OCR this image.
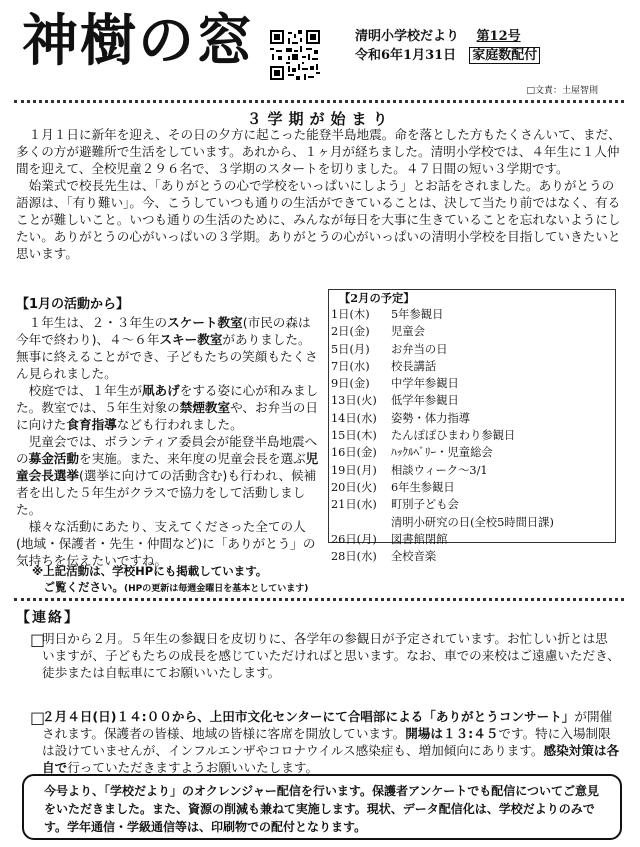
神樹の窓	清明小学校だより　 第12号
令和6年1月31日　 家庭数配付
□文責：土屋智則
３学期が始まり

　１月１日に新年を迎え、その日の夕方に起こった能登半島地震。命を落とした方もたくさんいて、まだ、多くの方が避難所で生活をしています。あれから、１ヶ月が経ちました。清明小学校では、４年生に１人仲間を迎えて、全校児童２９６名で、３学期のスタートを切りました。４７日間の短い３学期です。

　始業式で校長先生は、「ありがとうの心で学校をいっぱいにしよう」とお話をされました。ありがとうの語源は、「有り難い」。今、こうしていつも通りの生活ができていることは、決して当たり前ではなく、有ることが難しいこと。いつも通りの生活のために、みんなが毎日を大事に生きていることを忘れないようにしたい。ありがとうの心がいっぱいの３学期。ありがとうの心がいっぱいの清明小学校を目指していきたいと思います。

【1月の活動から】

　１年生は、２・３年生のスケート教室(市民の森は今年で終わり)、４～６年スキー教室がありました。無事に終えることができ、子どもたちの笑顔もたくさん見られました。

　校庭では、１年生が凧あげをする姿に心が和みました。教室では、５年生対象の禁煙教室や、お弁当の日に向けた食育指導なども行われました。

　児童会では、ボランティア委員会が能登半島地震への募金活動を実施。また、来年度の児童会長を選ぶ児童会長選挙(選挙に向けての活動含む)も行われ、候補者を出した５年生がクラスで協力をして活動しました。

　様々な活動にあたり、支えてくださった全ての人(地域・保護者・先生・仲間など)に「ありがとう」の気持ちを伝えたいですね。

【2月の予定】
1日(木)	5年参観日
2日(金)	児童会
5日(月)	お弁当の日
7日(水)	校長講話
9日(金)	中学年参観日
13日(火)	低学年参観日
14日(水)	姿勢・体力指導
15日(木)	たんぽぽひまわり参観日
16日(金)	ﾊｯｸﾙﾍﾞﾘｰ・児童総会
19日(月)	相談ウィーク～3/1
20日(火)	6年生参観日
21日(水)	町別子ども会
清明小研究の日(全校5時間日課)
26日(月)	図書館閉館
28日(水)	全校音楽
※上記活動は、学校HPにも掲載しています。
　ご覧ください。(HPの更新は毎週金曜日を基本としています)
【連絡】
□

明日から２月。５年生の参観日を皮切りに、各学年の参観日が予定されています。お忙しい折とは思いますが、子どもたちの成長を感じていただければと思います。なお、車での来校はご遠慮いただき、徒歩または自転車にてお願いいたします。

□

２月４日(日)１４:００から、上田市文化センターにて合唱部による「ありがとうコンサート」が開催されます。保護者の皆様、地域の皆様に客席を開放しています。開場は１３:４５です。特に入場制限は設けていませんが、インフルエンザやコロナウイルス感染症も、増加傾向にあります。感染対策は各自で行っていただきますようお願いいたします。

今号より、「学校だより」のオクレンジャー配信を行います。保護者アンケートでも配信についてご意見をいただきました。また、資源の削減も兼ねて実施します。現状、データ配信化は、学校だよりのみです。学年通信・学級通信等は、印刷物での配付となります。
